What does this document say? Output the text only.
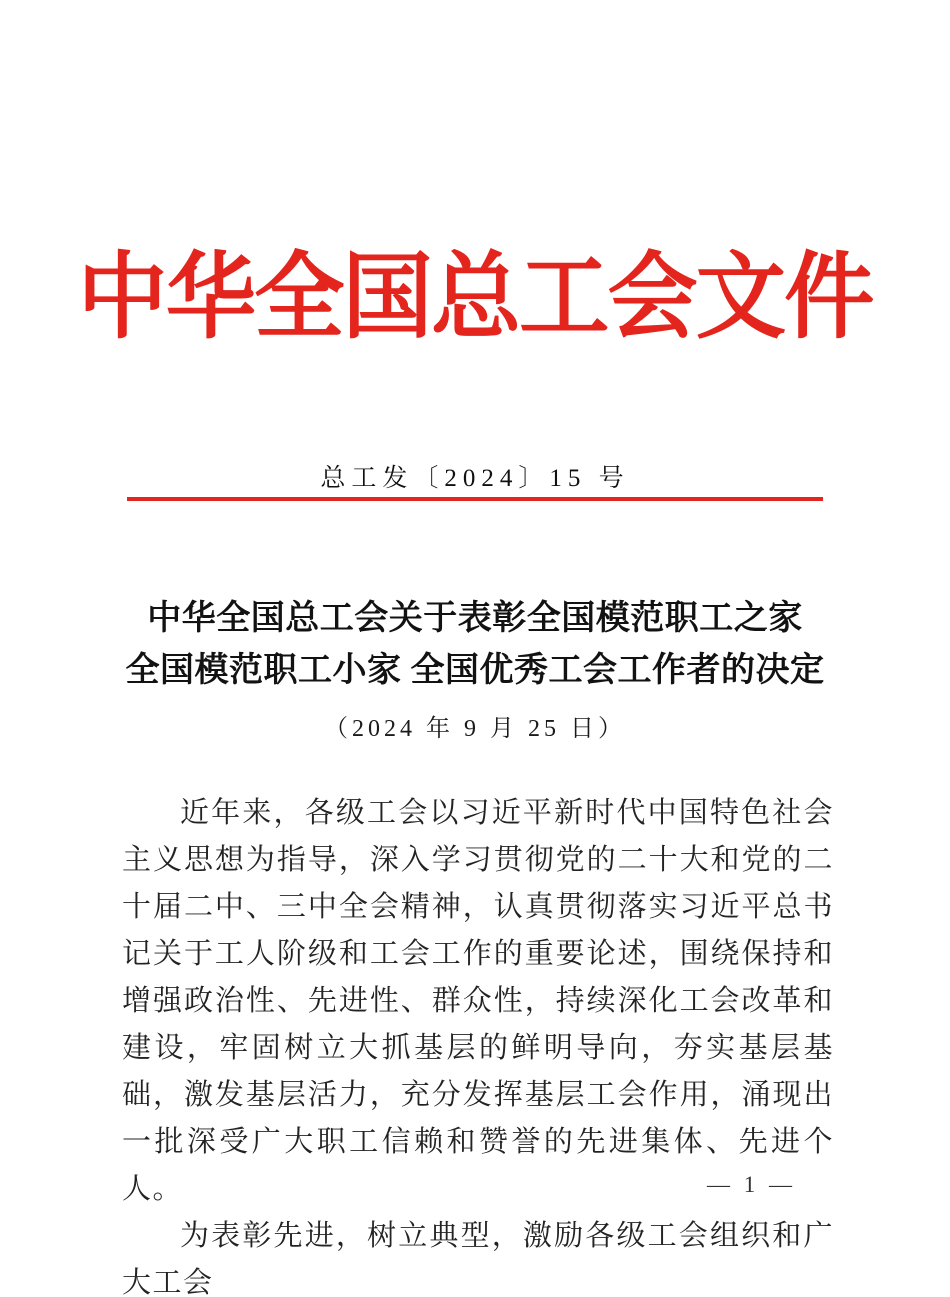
中华全国总工会文件
总工发〔2024〕15 号
中华全国总工会关于表彰全国模范职工之家
全国模范职工小家 全国优秀工会工作者的决定
（2024 年 9 月 25 日）

近年来，各级工会以习近平新时代中国特色社会主义思想为指导，深入学习贯彻党的二十大和党的二十届二中、三中全会精神，认真贯彻落实习近平总书记关于工人阶级和工会工作的重要论述，围绕保持和增强政治性、先进性、群众性，持续深化工会改革和建设，牢固树立大抓基层的鲜明导向，夯实基层基础，激发基层活力，充分发挥基层工会作用，涌现出一批深受广大职工信赖和赞誉的先进集体、先进个人。

为表彰先进，树立典型，激励各级工会组织和广大工会

— 1 —
